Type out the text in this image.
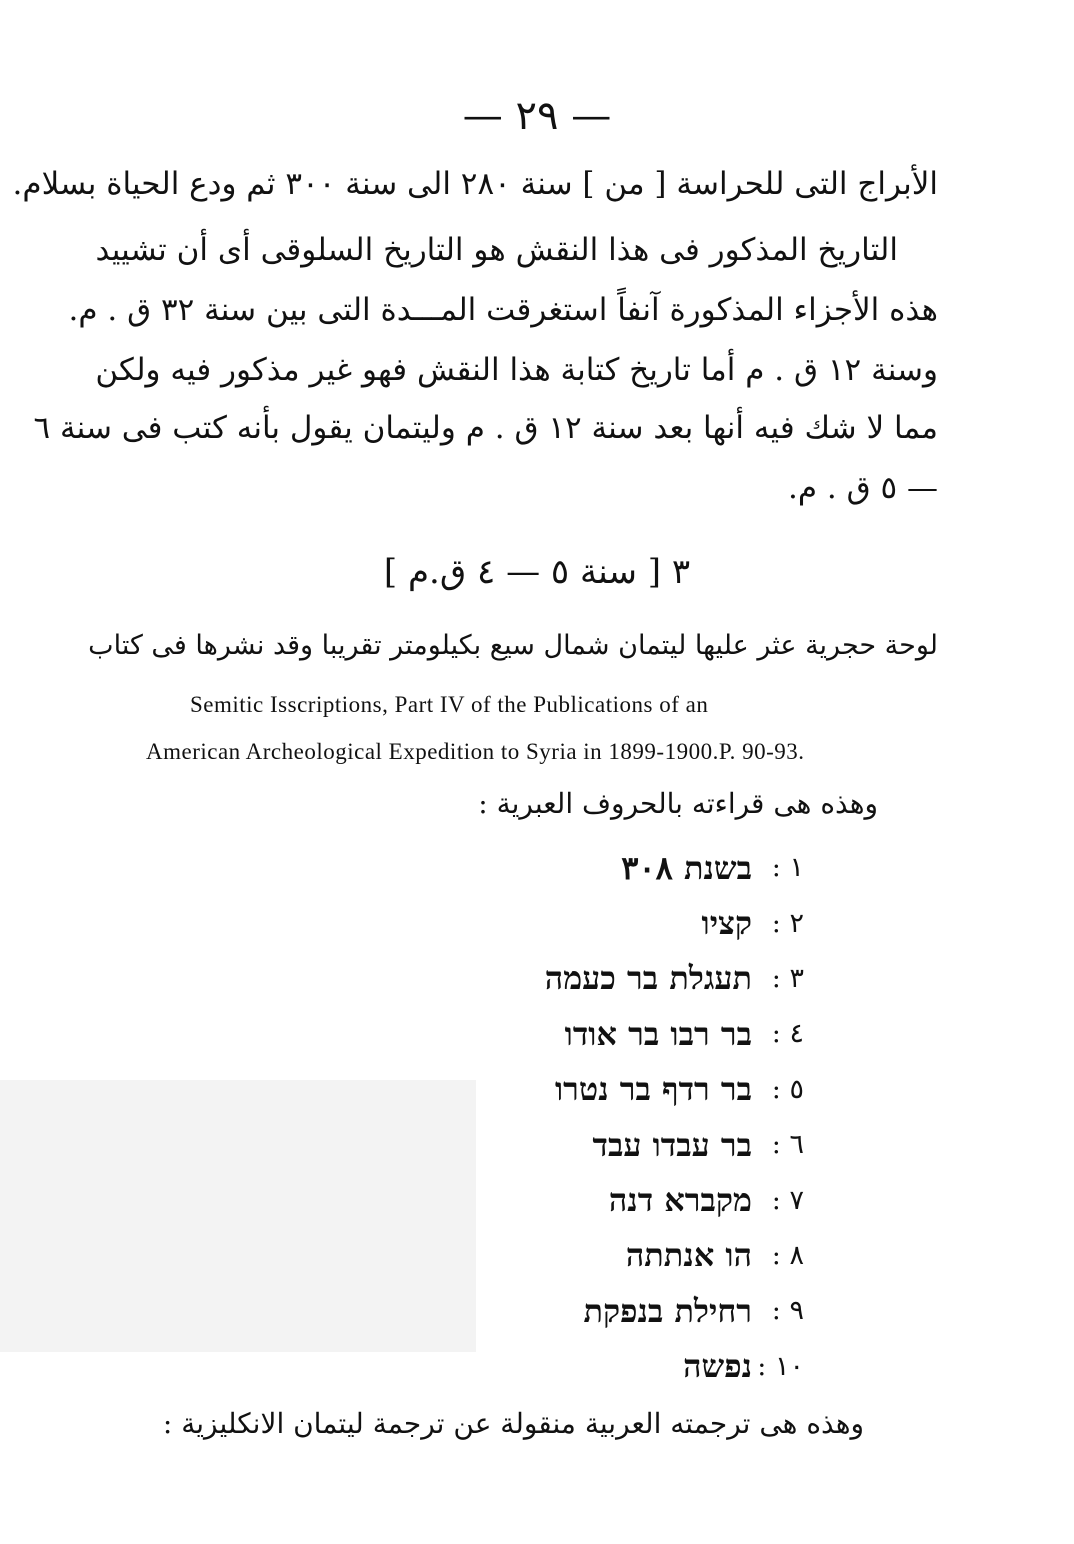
— ٢٩ —
الأبراج التى للحراسة [ من ] سنة ٢٨٠ الى سنة ٣٠٠ ثم ودع الحياة بسلام.
التاريخ المذكور فى هذا النقش هو التاريخ السلوقى أى أن تشييد
هذه الأجزاء المذكورة آنفاً استغرقت المـــدة التى بين سنة ٣٢ ق . م.
وسنة ١٢ ق . م أما تاريخ كتابة هذا النقش فهو غير مذكور فيه ولكن
مما لا شك فيه أنها بعد سنة ١٢ ق . م وليتمان يقول بأنه كتب فى سنة ٦
— ٥ ق . م.
٣ [ سنة ٥ — ٤ ق.م ]
لوحة حجرية عثر عليها ليتمان شمال سيع بكيلومتر تقريبا وقد نشرها فى كتاب
Semitic Isscriptions, Part IV of the Publications of an
American Archeological Expedition to Syria in 1899-1900.P. 90-93.
وهذه هى قراءته بالحروف العبرية :
בשנת ٣٠٨ ١ :
קציו ٢ :
תעגלת בר כעמה ٣ :
בר רבו בר אודו ٤ :
בר רדף בר נטרו ٥ :
בר עבדו עבד ٦ :
מקברא דנה ٧ :
הו אנתתה ٨ :
רחילת בנפקת ٩ :
נפשה ١٠ :
وهذه هى ترجمته العربية منقولة عن ترجمة ليتمان الانكليزية :
